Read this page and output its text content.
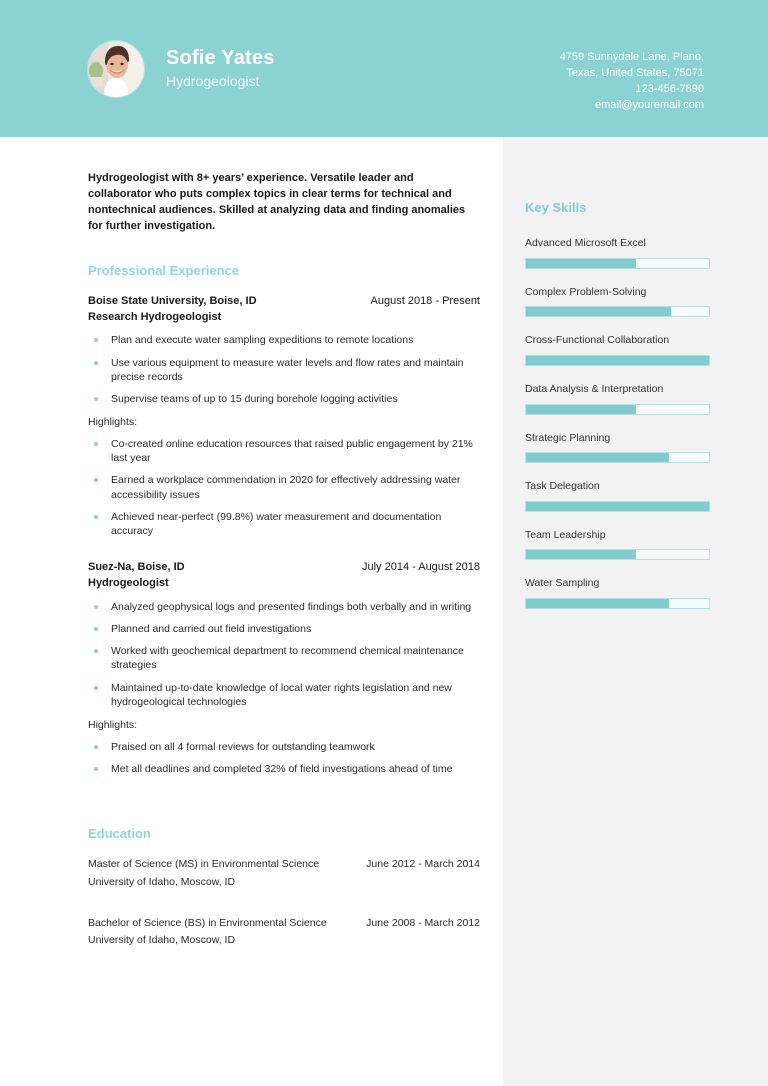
Sofie Yates
Hydrogeologist
4759 Sunnydale Lane, Plano,
Texas, United States, 75071
123-456-7890
email@youremail.com
Key Skills
Advanced Microsoft Excel
Complex Problem-Solving
Cross-Functional Collaboration
Data Analysis & Interpretation
Strategic Planning
Task Delegation
Team Leadership
Water Sampling
Hydrogeologist with 8+ years’ experience. Versatile leader and collaborator who puts complex topics in clear terms for technical and nontechnical audiences. Skilled at analyzing data and finding anomalies for further investigation.
Professional Experience
Boise State University, Boise, ID	August 2018 - Present
Research Hydrogeologist
Plan and execute water sampling expeditions to remote locations
Use various equipment to measure water levels and flow rates and maintain precise records
Supervise teams of up to 15 during borehole logging activities
Highlights:
Co-created online education resources that raised public engagement by 21% last year
Earned a workplace commendation in 2020 for effectively addressing water accessibility issues
Achieved near-perfect (99.8%) water measurement and documentation accuracy
Suez-Na, Boise, ID	July 2014 - August 2018
Hydrogeologist
Analyzed geophysical logs and presented findings both verbally and in writing
Planned and carried out field investigations
Worked with geochemical department to recommend chemical maintenance strategies
Maintained up-to-date knowledge of local water rights legislation and new hydrogeological technologies
Highlights:
Praised on all 4 formal reviews for outstanding teamwork
Met all deadlines and completed 32% of field investigations ahead of time
Education
Master of Science (MS) in Environmental Science	June 2012 - March 2014
University of Idaho, Moscow, ID
Bachelor of Science (BS) in Environmental Science	June 2008 - March 2012
University of Idaho, Moscow, ID
